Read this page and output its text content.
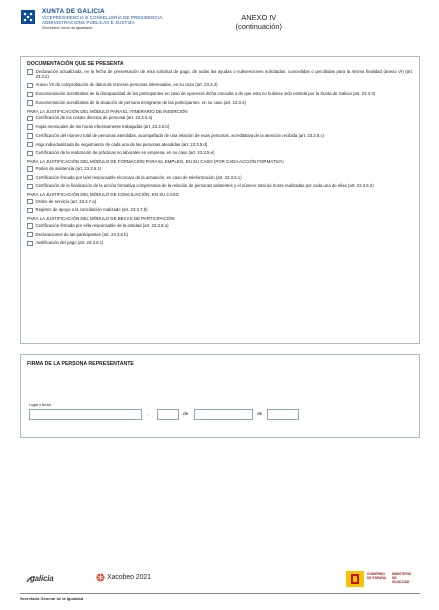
XUNTA DE GALICIA
VICEPRESIDENCIA E CONSELLERÍA DE PRESIDENCIA,
ADMINISTRACIÓNS PÚBLICAS E XUSTIZA
Secretaría Xeral da Igualdade
ANEXO IV
(continuación)
DOCUMENTACIÓN QUE SE PRESENTA
Declaración actualizada, en la fecha de presentación de esta solicitud de pago, de todas las ayudas o subvenciones solicitadas, concedidas o percibidas para la misma finalidad (anexo VI) (art. 23.3.2)
Anexo VII de comprobación de datos de terceras personas interesadas, en su caso (art. 23.3.3)
Documentación acreditativa de la discapacidad de las participantes en caso de oponerse dicha consulta o de que esta no hubiese sido emitida por la Xunta de Galicia (art. 23.3.3)
Documentación acreditativa de la situación de persona inmigrante de las participantes, en su caso (art. 23.3.4)
PARA LA JUSTIFICACIÓN DEL MÓDULO PARA EL ITINERARIO DE INSERCIÓN
Certificación de los costes directos de personal (art. 23.3.5.a)
Hojas mensuales de las horas efectivamente trabajadas (art. 23.3.5.b)
Certificación del número total de personas atendidas, acompañada de una relación de esas personas, acreditativa de la atención recibida (art. 23.3.5.c)
Hoja individualizada de seguimiento de cada una de las personas atendidas (art. 23.3.5.d)
Certificación de la realización de prácticas no laborales en empresa, en su caso (art. 23.3.5.e)
PARA LA JUSTIFICACIÓN DEL MÓDULO DE FORMACIÓN PARA EL EMPLEO, EN SU CASO (POR CADA ACCIÓN FORMATIVA)
Partes de asistencia (art. 23.3.6.1)
Certificación firmada por la/el responsable técnica/o de la actuación, en caso de teleformación (art. 23.3.6.1)
Certificación de la finalización de la acción formativa comprensiva de la relación de personas asistentes y el número total de horas realizadas por cada una de ellas (art. 23.3.6.2)
PARA LA JUSTIFICACIÓN DEL MÓDULO DE CONCILIACIÓN, EN SU CASO
Orden de servicio (art. 23.3.7.a)
Registro de apoyo a la conciliación realizado (art. 23.3.7.b)
PARA LA JUSTIFICACIÓN DEL MÓDULO DE BECAS DE PARTICIPACIÓN
Certificación firmada por el/la responsable de la entidad (art. 23.3.8.a)
Declaraciones de las participantes (art. 23.3.8.b)
Justificación del pago (art. 23.3.8.c)
FIRMA DE LA PERSONA REPRESENTANTE
Lugar y fecha
,	de	de
galicia	Xacobeo 2021	GOBIERNO
DE ESPAÑA
MINISTERIO
DE IGUALDAD
Secretaría General de la Igualdad
